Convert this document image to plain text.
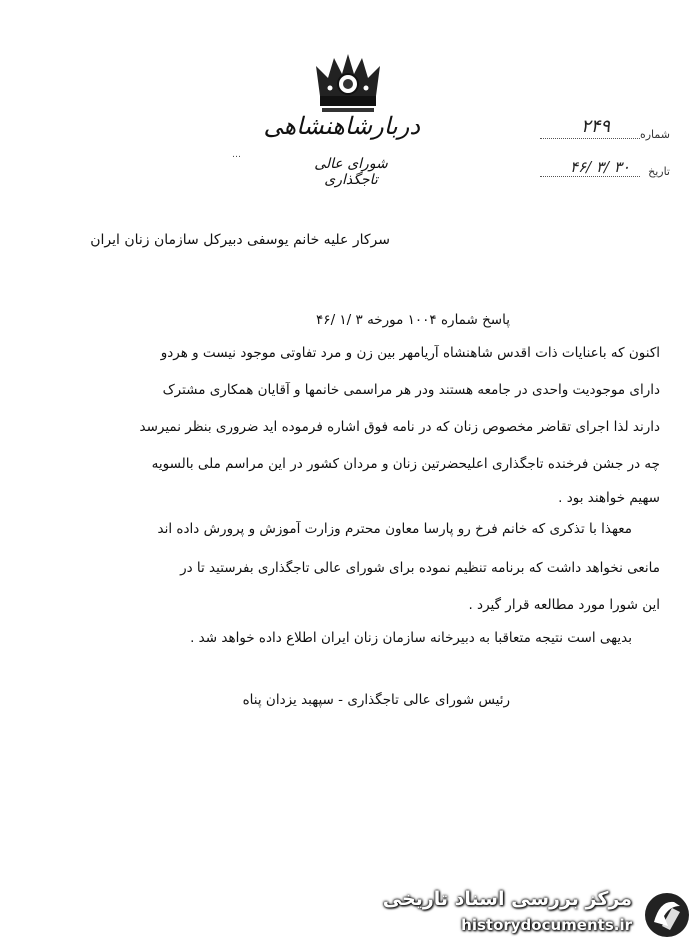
دربارشاهنشاهی
شورای عالی تاجگذاری
…
شماره
۲۴۹
تاریخ
۳۰ /۳ /۴۶
سرکار علیه خانم یوسفی دبیرکل سازمان زنان ایران
پاسخ شماره ۱۰۰۴ مورخه ۳ /۱ /۴۶
اکنون که باعنایات ذات اقدس شاهنشاه آریامهر بین زن و مرد تفاوتی موجود نیست و هردو
دارای موجودیت واحدی در جامعه هستند ودر هر مراسمی خانمها و آقایان همکاری مشترک
دارند لذا اجرای تقاضر مخصوص زنان که در نامه فوق اشاره فرموده اید ضروری بنظر نمیرسد
چه در جشن فرخنده تاجگذاری اعلیحضرتین زنان و مردان کشور در این مراسم ملی بالسویه
سهیم خواهند بود .
معهذا با تذکری که خانم فرخ رو پارسا معاون محترم وزارت آموزش و پرورش داده اند
مانعی نخواهد داشت که برنامه تنظیم نموده برای شورای عالی تاجگذاری بفرستید تا در
این شورا مورد مطالعه قرار گیرد .
بدیهی است نتیجه متعاقبا به دبیرخانه سازمان زنان ایران اطلاع داده خواهد شد .
رئیس شورای عالی تاجگذاری - سپهبد یزدان پناه
مرکز بررسی اسناد تاریخی
historydocuments.ir
